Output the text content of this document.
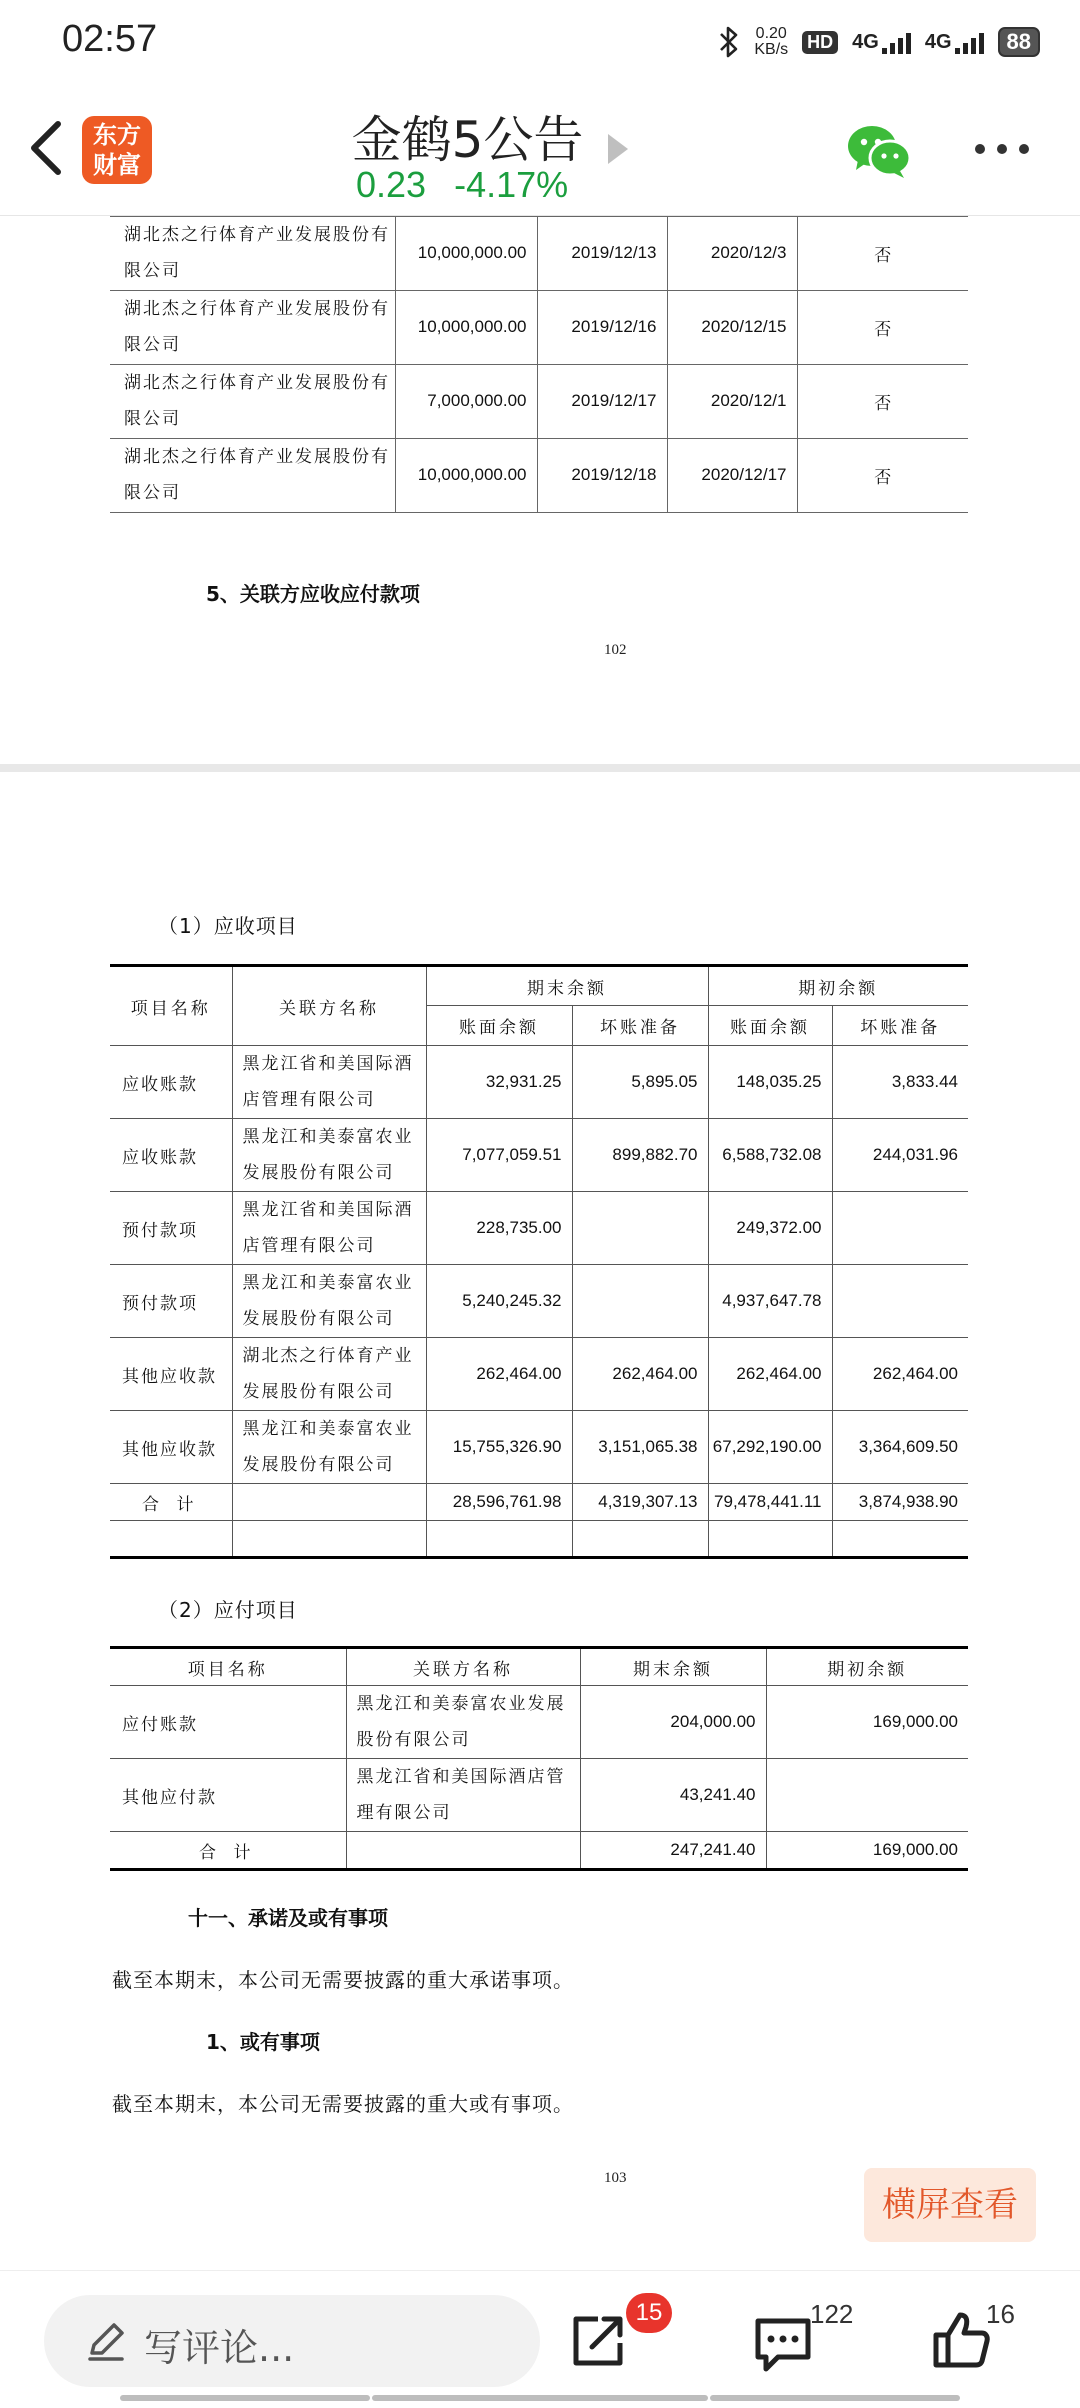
02:57	0.20
KB/s HD 4G 4G	88
东方
财富	金鹤5公告
0.23 -4.17%

湖北杰之行体育产业发展股份有限公司	10,000,000.00	2019/12/13	2020/12/3	否
湖北杰之行体育产业发展股份有限公司	10,000,000.00	2019/12/16	2020/12/15	否
湖北杰之行体育产业发展股份有限公司	7,000,000.00	2019/12/17	2020/12/1	否
湖北杰之行体育产业发展股份有限公司	10,000,000.00	2019/12/18	2020/12/17	否
5、关联方应收应付款项
102
（1）应收项目
项目名称	关联方名称	期末余额		期初余额	
		账面余额	坏账准备	账面余额	坏账准备
应收账款	黑龙江省和美国际酒店管理有限公司	32,931.25	5,895.05	148,035.25	3,833.44
应收账款	黑龙江和美泰富农业发展股份有限公司	7,077,059.51	899,882.70	6,588,732.08	244,031.96
预付款项	黑龙江省和美国际酒店管理有限公司	228,735.00		249,372.00	
预付款项	黑龙江和美泰富农业发展股份有限公司	5,240,245.32		4,937,647.78	
其他应收款	湖北杰之行体育产业发展股份有限公司	262,464.00	262,464.00	262,464.00	262,464.00
其他应收款	黑龙江和美泰富农业发展股份有限公司	15,755,326.90	3,151,065.38	67,292,190.00	3,364,609.50
合 计		28,596,761.98	4,319,307.13	79,478,441.11	3,874,938.90

（2）应付项目
项目名称	关联方名称	期末余额	期初余额
应付账款	黑龙江和美泰富农业发展股份有限公司	204,000.00	169,000.00
其他应付款	黑龙江省和美国际酒店管理有限公司	43,241.40	
合 计		247,241.40	169,000.00
十一、承诺及或有事项
截至本期末，本公司无需要披露的重大承诺事项。
1、或有事项
截至本期末，本公司无需要披露的重大或有事项。
103
横屏查看
写评论...
15	122	16
